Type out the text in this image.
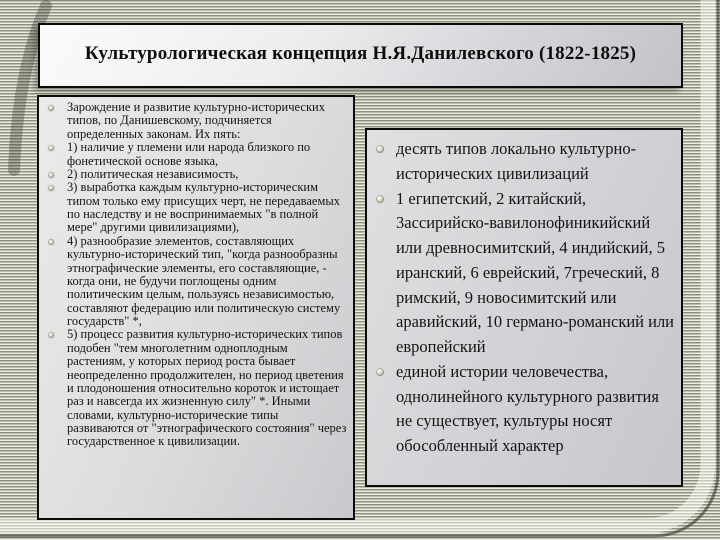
Культурологическая концепция Н.Я.Данилевского (1822-1825)
Зарождение и развитие культурно-исторических типов, по Данишевскому, подчиняется определенных законам. Их пять:
1) наличие у племени или народа близкого по фонетической основе языка,
2) политическая независимость,
3) выработка каждым культурно-историческим типом только ему присущих черт, не передаваемых по наследству и не воспринимаемых "в полной мере" другими цивилизациями),
4) разнообразие элементов, составляющих культурно-исторический тип, "когда разнообразны этнографические элементы, его составляющие, - когда они, не будучи поглощены одним политическим целым, пользуясь независимостью, составляют федерацию или политическую систему государств" *,
5) процесс развития культурно-исторических типов подобен "тем многолетним одноплодным растениям, у которых период роста бывает неопределенно продолжителен, но период цветения и плодоношения относительно короток и истощает раз и навсегда их жизненную силу" *. Иными словами, культурно-исторические типы развиваются от "этнографического состояния" через государственное к цивилизации.
десять типов локально культурно-исторических цивилизаций
1 египетский, 2 китайский, 3ассирийско-вавилонофиникийский или древносимитский, 4 индийский, 5 иранский, 6 еврейский, 7греческий, 8 римский, 9 новосимитский или аравийский, 10 германо-романский или европейский
единой истории человечества, однолинейного культурного развития не существует, культуры носят обособленный характер
